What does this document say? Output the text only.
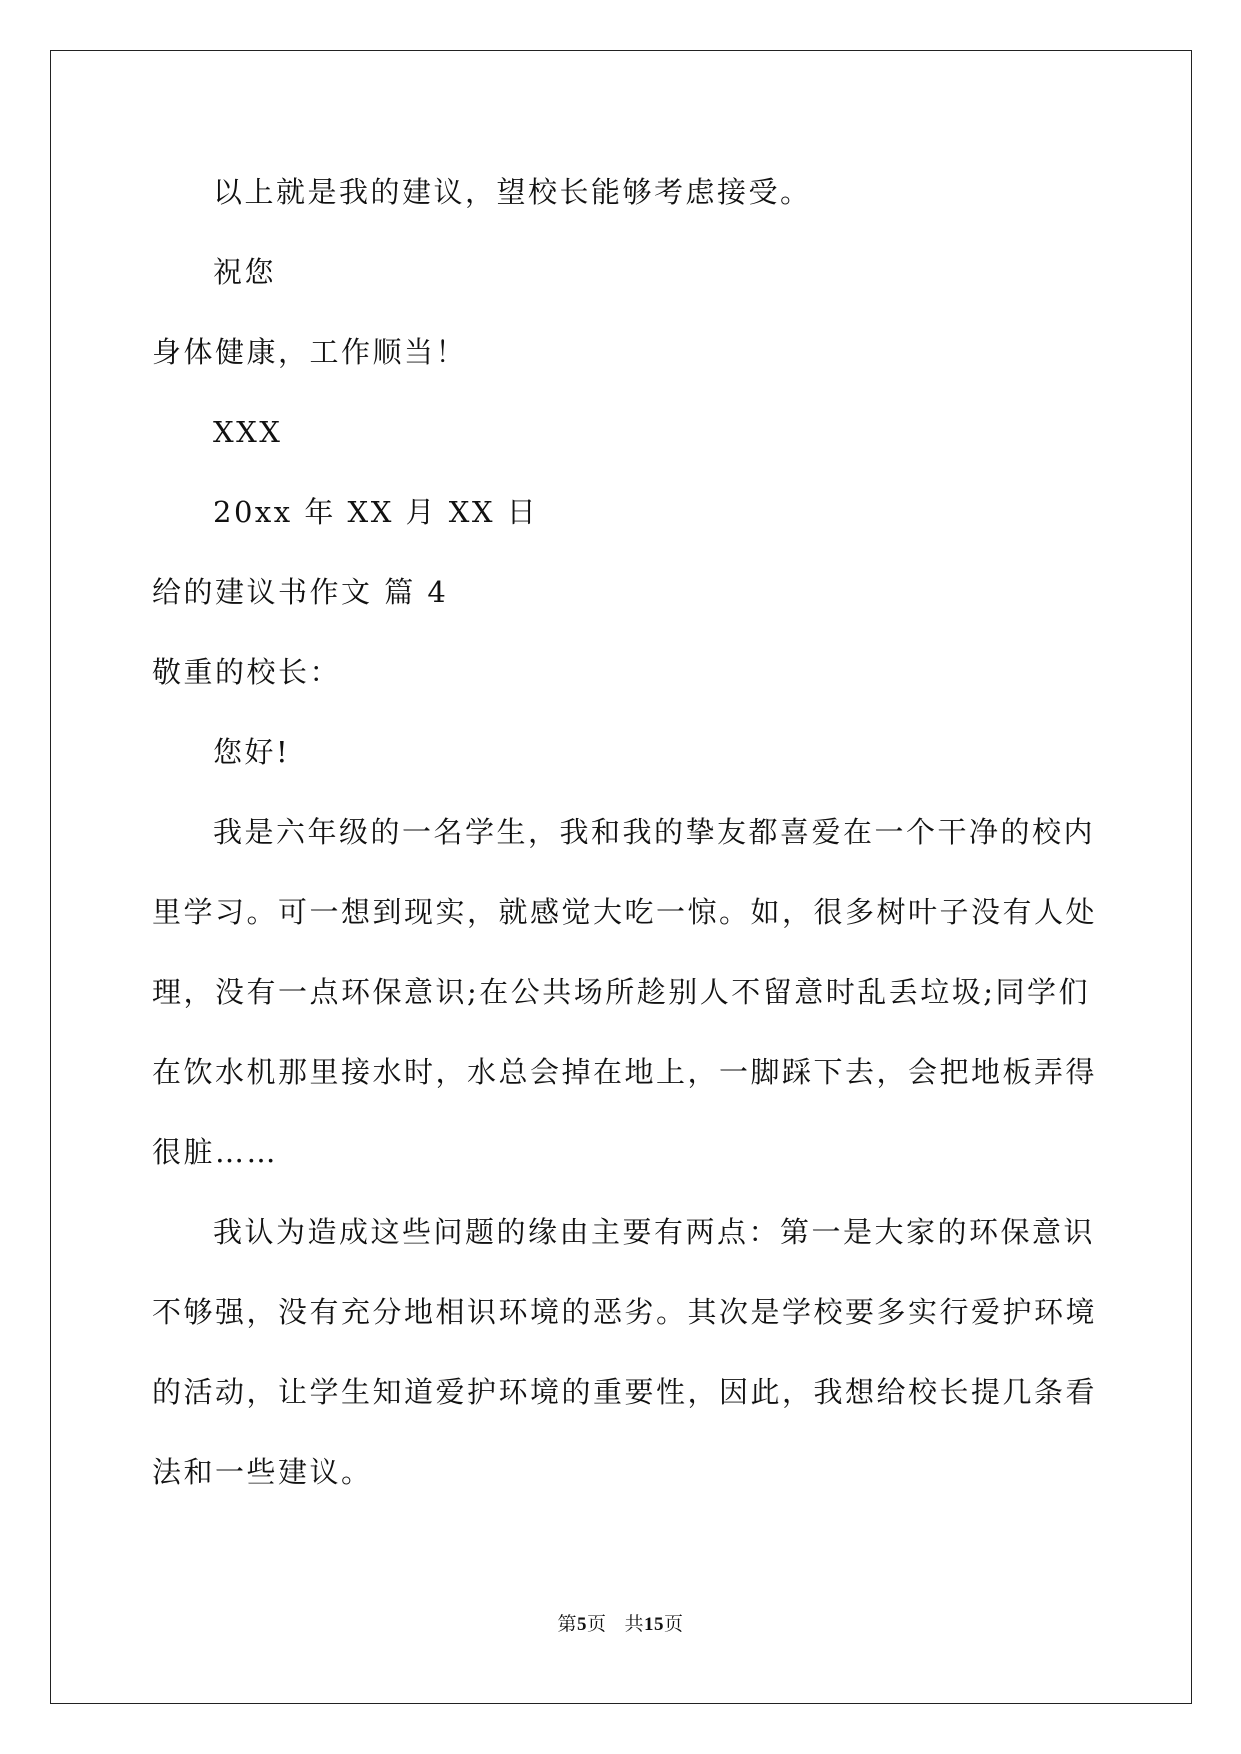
以上就是我的建议，望校长能够考虑接受。
祝您
身体健康，工作顺当！
XXX
20xx 年 XX 月 XX 日
给的建议书作文 篇 4
敬重的校长：
您好!
我是六年级的一名学生，我和我的挚友都喜爱在一个干净的校内
里学习。可一想到现实，就感觉大吃一惊。如，很多树叶子没有人处
理，没有一点环保意识;在公共场所趁别人不留意时乱丢垃圾;同学们
在饮水机那里接水时，水总会掉在地上，一脚踩下去，会把地板弄得
很脏……
我认为造成这些问题的缘由主要有两点：第一是大家的环保意识
不够强，没有充分地相识环境的恶劣。其次是学校要多实行爱护环境
的活动，让学生知道爱护环境的重要性，因此，我想给校长提几条看
法和一些建议。
第5页 共15页
